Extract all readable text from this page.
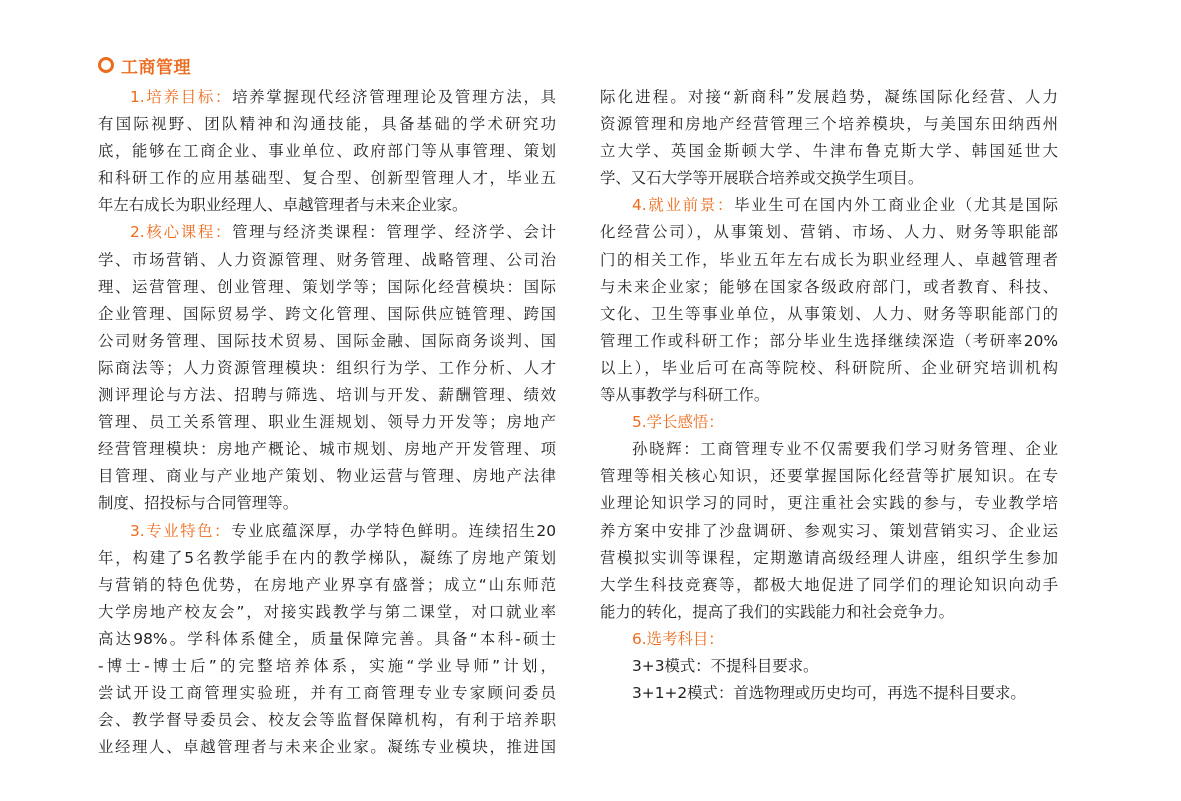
工商管理
1.培养目标：培养掌握现代经济管理理论及管理方法，具
有国际视野、团队精神和沟通技能，具备基础的学术研究功
底，能够在工商企业、事业单位、政府部门等从事管理、策划
和科研工作的应用基础型、复合型、创新型管理人才，毕业五
年左右成长为职业经理人、卓越管理者与未来企业家。
2.核心课程：管理与经济类课程：管理学、经济学、会计
学、市场营销、人力资源管理、财务管理、战略管理、公司治
理、运营管理、创业管理、策划学等；国际化经营模块：国际
企业管理、国际贸易学、跨文化管理、国际供应链管理、跨国
公司财务管理、国际技术贸易、国际金融、国际商务谈判、国
际商法等；人力资源管理模块：组织行为学、工作分析、人才
测评理论与方法、招聘与筛选、培训与开发、薪酬管理、绩效
管理、员工关系管理、职业生涯规划、领导力开发等；房地产
经营管理模块：房地产概论、城市规划、房地产开发管理、项
目管理、商业与产业地产策划、物业运营与管理、房地产法律
制度、招投标与合同管理等。
3.专业特色：专业底蕴深厚，办学特色鲜明。连续招生20
年，构建了5名教学能手在内的教学梯队，凝练了房地产策划
与营销的特色优势，在房地产业界享有盛誉；成立“山东师范
大学房地产校友会”，对接实践教学与第二课堂，对口就业率
高达98%。学科体系健全，质量保障完善。具备“本科-硕士
-博士-博士后”的完整培养体系，实施“学业导师”计划，
尝试开设工商管理实验班，并有工商管理专业专家顾问委员
会、教学督导委员会、校友会等监督保障机构，有利于培养职
业经理人、卓越管理者与未来企业家。凝练专业模块，推进国
际化进程。对接“新商科”发展趋势，凝练国际化经营、人力
资源管理和房地产经营管理三个培养模块，与美国东田纳西州
立大学、英国金斯顿大学、牛津布鲁克斯大学、韩国延世大
学、又石大学等开展联合培养或交换学生项目。
4.就业前景：毕业生可在国内外工商业企业（尤其是国际
化经营公司），从事策划、营销、市场、人力、财务等职能部
门的相关工作，毕业五年左右成长为职业经理人、卓越管理者
与未来企业家；能够在国家各级政府部门，或者教育、科技、
文化、卫生等事业单位，从事策划、人力、财务等职能部门的
管理工作或科研工作；部分毕业生选择继续深造（考研率20%
以上），毕业后可在高等院校、科研院所、企业研究培训机构
等从事教学与科研工作。
5.学长感悟：
孙晓辉：工商管理专业不仅需要我们学习财务管理、企业
管理等相关核心知识，还要掌握国际化经营等扩展知识。在专
业理论知识学习的同时，更注重社会实践的参与，专业教学培
养方案中安排了沙盘调研、参观实习、策划营销实习、企业运
营模拟实训等课程，定期邀请高级经理人讲座，组织学生参加
大学生科技竞赛等，都极大地促进了同学们的理论知识向动手
能力的转化，提高了我们的实践能力和社会竞争力。
6.选考科目：
3+3模式：不提科目要求。
3+1+2模式：首选物理或历史均可，再选不提科目要求。
